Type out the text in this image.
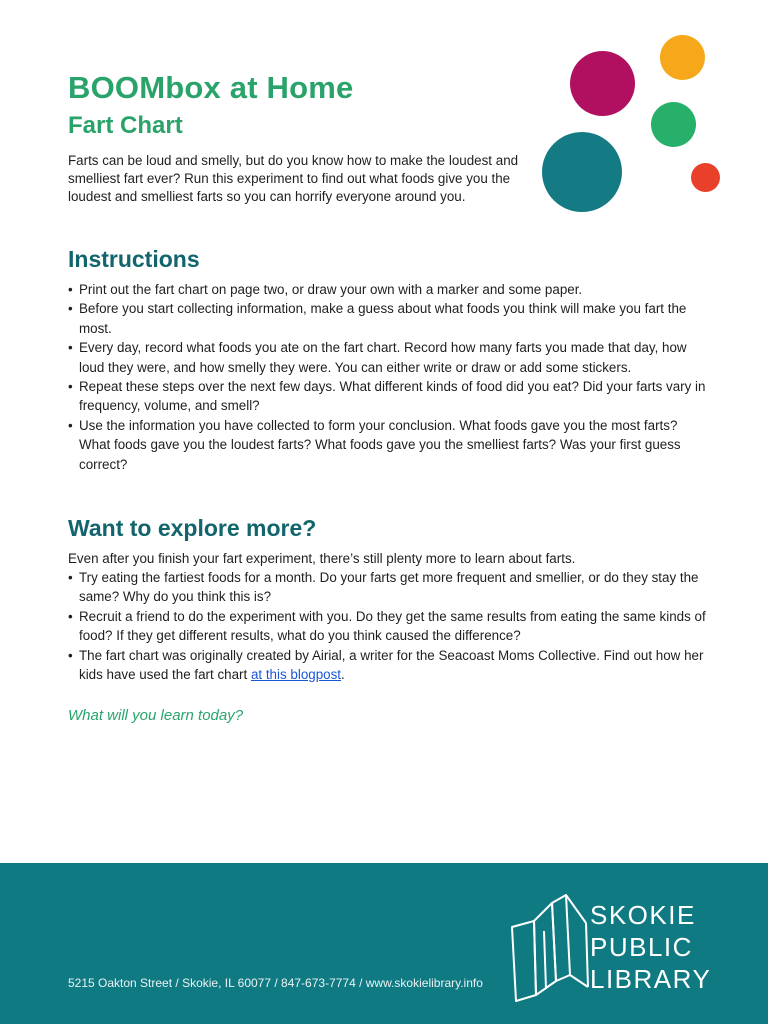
BOOMbox at Home
Fart Chart

Farts can be loud and smelly, but do you know how to make the loudest and smelliest fart ever? Run this experiment to find out what foods give you the loudest and smelliest farts so you can horrify everyone around you.

Instructions
• Print out the fart chart on page two, or draw your own with a marker and some paper.
• Before you start collecting information, make a guess about what foods you think will make you fart the most.
• Every day, record what foods you ate on the fart chart. Record how many farts you made that day, how loud they were, and how smelly they were. You can either write or draw or add some stickers.
• Repeat these steps over the next few days. What different kinds of food did you eat? Did your farts vary in frequency, volume, and smell?
• Use the information you have collected to form your conclusion. What foods gave you the most farts? What foods gave you the loudest farts? What foods gave you the smelliest farts? Was your first guess correct?
Want to explore more?

Even after you finish your fart experiment, there’s still plenty more to learn about farts.

• Try eating the fartiest foods for a month. Do your farts get more frequent and smellier, or do they stay the same? Why do you think this is?
• Recruit a friend to do the experiment with you. Do they get the same results from eating the same kinds of food? If they get different results, what do you think caused the difference?
• The fart chart was originally created by Airial, a writer for the Seacoast Moms Collective. Find out how her kids have used the fart chart at this blogpost.

What will you learn today?

5215 Oakton Street / Skokie, IL 60077 / 847-673-7774 / www.skokielibrary.info

SKOKIE
PUBLIC
LIBRARY
